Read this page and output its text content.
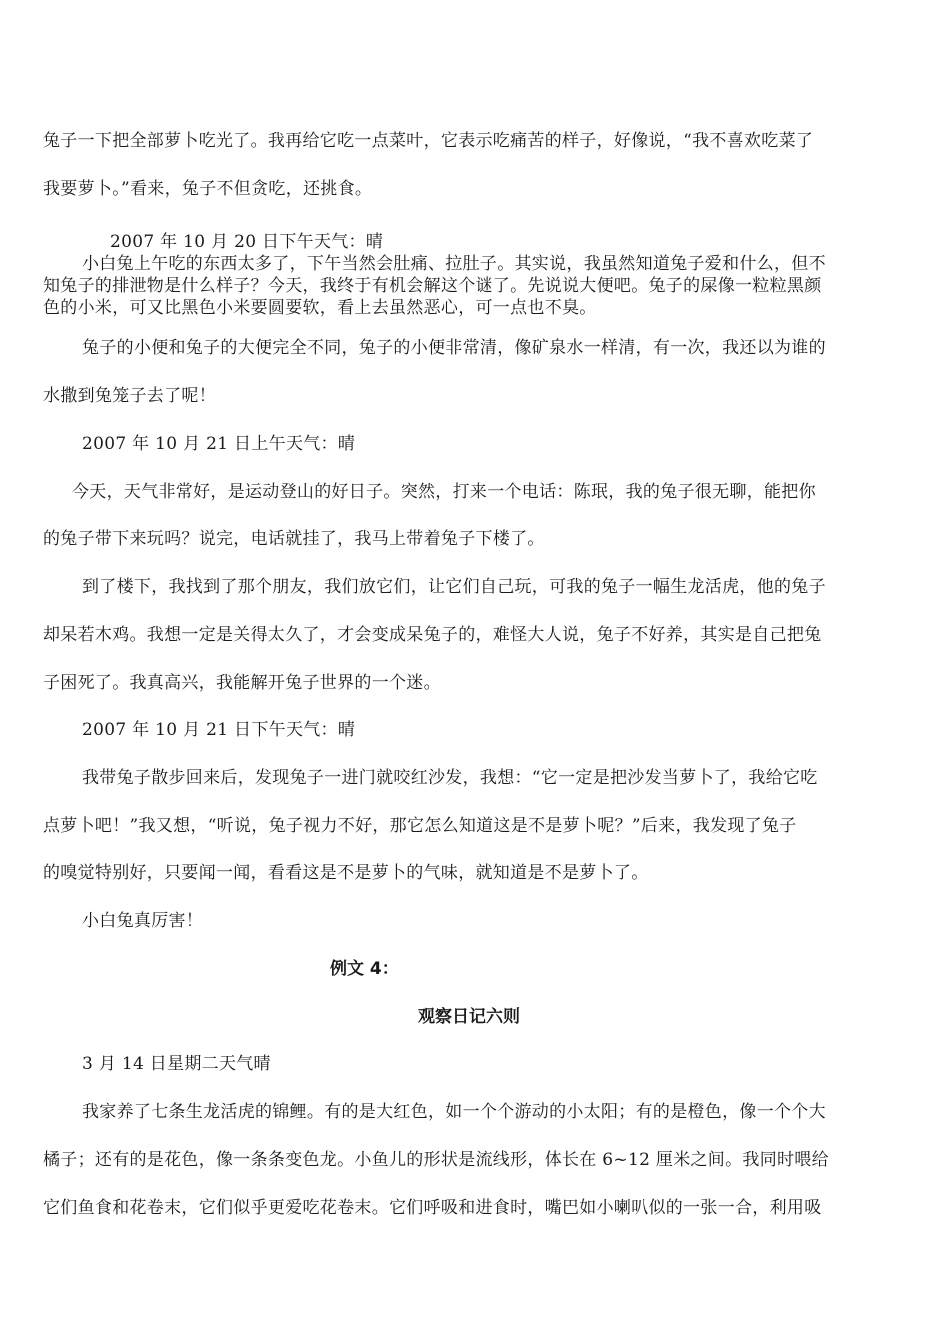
兔子一下把全部萝卜吃光了。我再给它吃一点菜叶，它表示吃痛苦的样子，好像说，“我不喜欢吃菜了
我要萝卜。”看来，兔子不但贪吃，还挑食。
2007 年 10 月 20 日下午天气：晴
小白兔上午吃的东西太多了，下午当然会肚痛、拉肚子。其实说，我虽然知道兔子爱和什么，但不
知兔子的排泄物是什么样子？今天，我终于有机会解这个谜了。先说说大便吧。兔子的屎像一粒粒黑颜
色的小米，可又比黑色小米要圆要软，看上去虽然恶心，可一点也不臭。
兔子的小便和兔子的大便完全不同，兔子的小便非常清，像矿泉水一样清，有一次，我还以为谁的
水撒到兔笼子去了呢！
2007 年 10 月 21 日上午天气：晴
今天，天气非常好，是运动登山的好日子。突然，打来一个电话：陈珉，我的兔子很无聊，能把你
的兔子带下来玩吗？说完，电话就挂了，我马上带着兔子下楼了。
到了楼下，我找到了那个朋友，我们放它们，让它们自己玩，可我的兔子一幅生龙活虎，他的兔子
却呆若木鸡。我想一定是关得太久了，才会变成呆兔子的，难怪大人说，兔子不好养，其实是自己把兔
子困死了。我真高兴，我能解开兔子世界的一个迷。
2007 年 10 月 21 日下午天气：晴
我带兔子散步回来后，发现兔子一进门就咬红沙发，我想：“它一定是把沙发当萝卜了，我给它吃
点萝卜吧！”我又想，“听说，兔子视力不好，那它怎么知道这是不是萝卜呢？”后来，我发现了兔子
的嗅觉特别好，只要闻一闻，看看这是不是萝卜的气味，就知道是不是萝卜了。
小白兔真厉害！
例文 4：
观察日记六则
3 月 14 日星期二天气晴
我家养了七条生龙活虎的锦鲤。有的是大红色，如一个个游动的小太阳；有的是橙色，像一个个大
橘子；还有的是花色，像一条条变色龙。小鱼儿的形状是流线形，体长在 6~12 厘米之间。我同时喂给
它们鱼食和花卷末，它们似乎更爱吃花卷末。它们呼吸和进食时，嘴巴如小喇叭似的一张一合，利用吸
